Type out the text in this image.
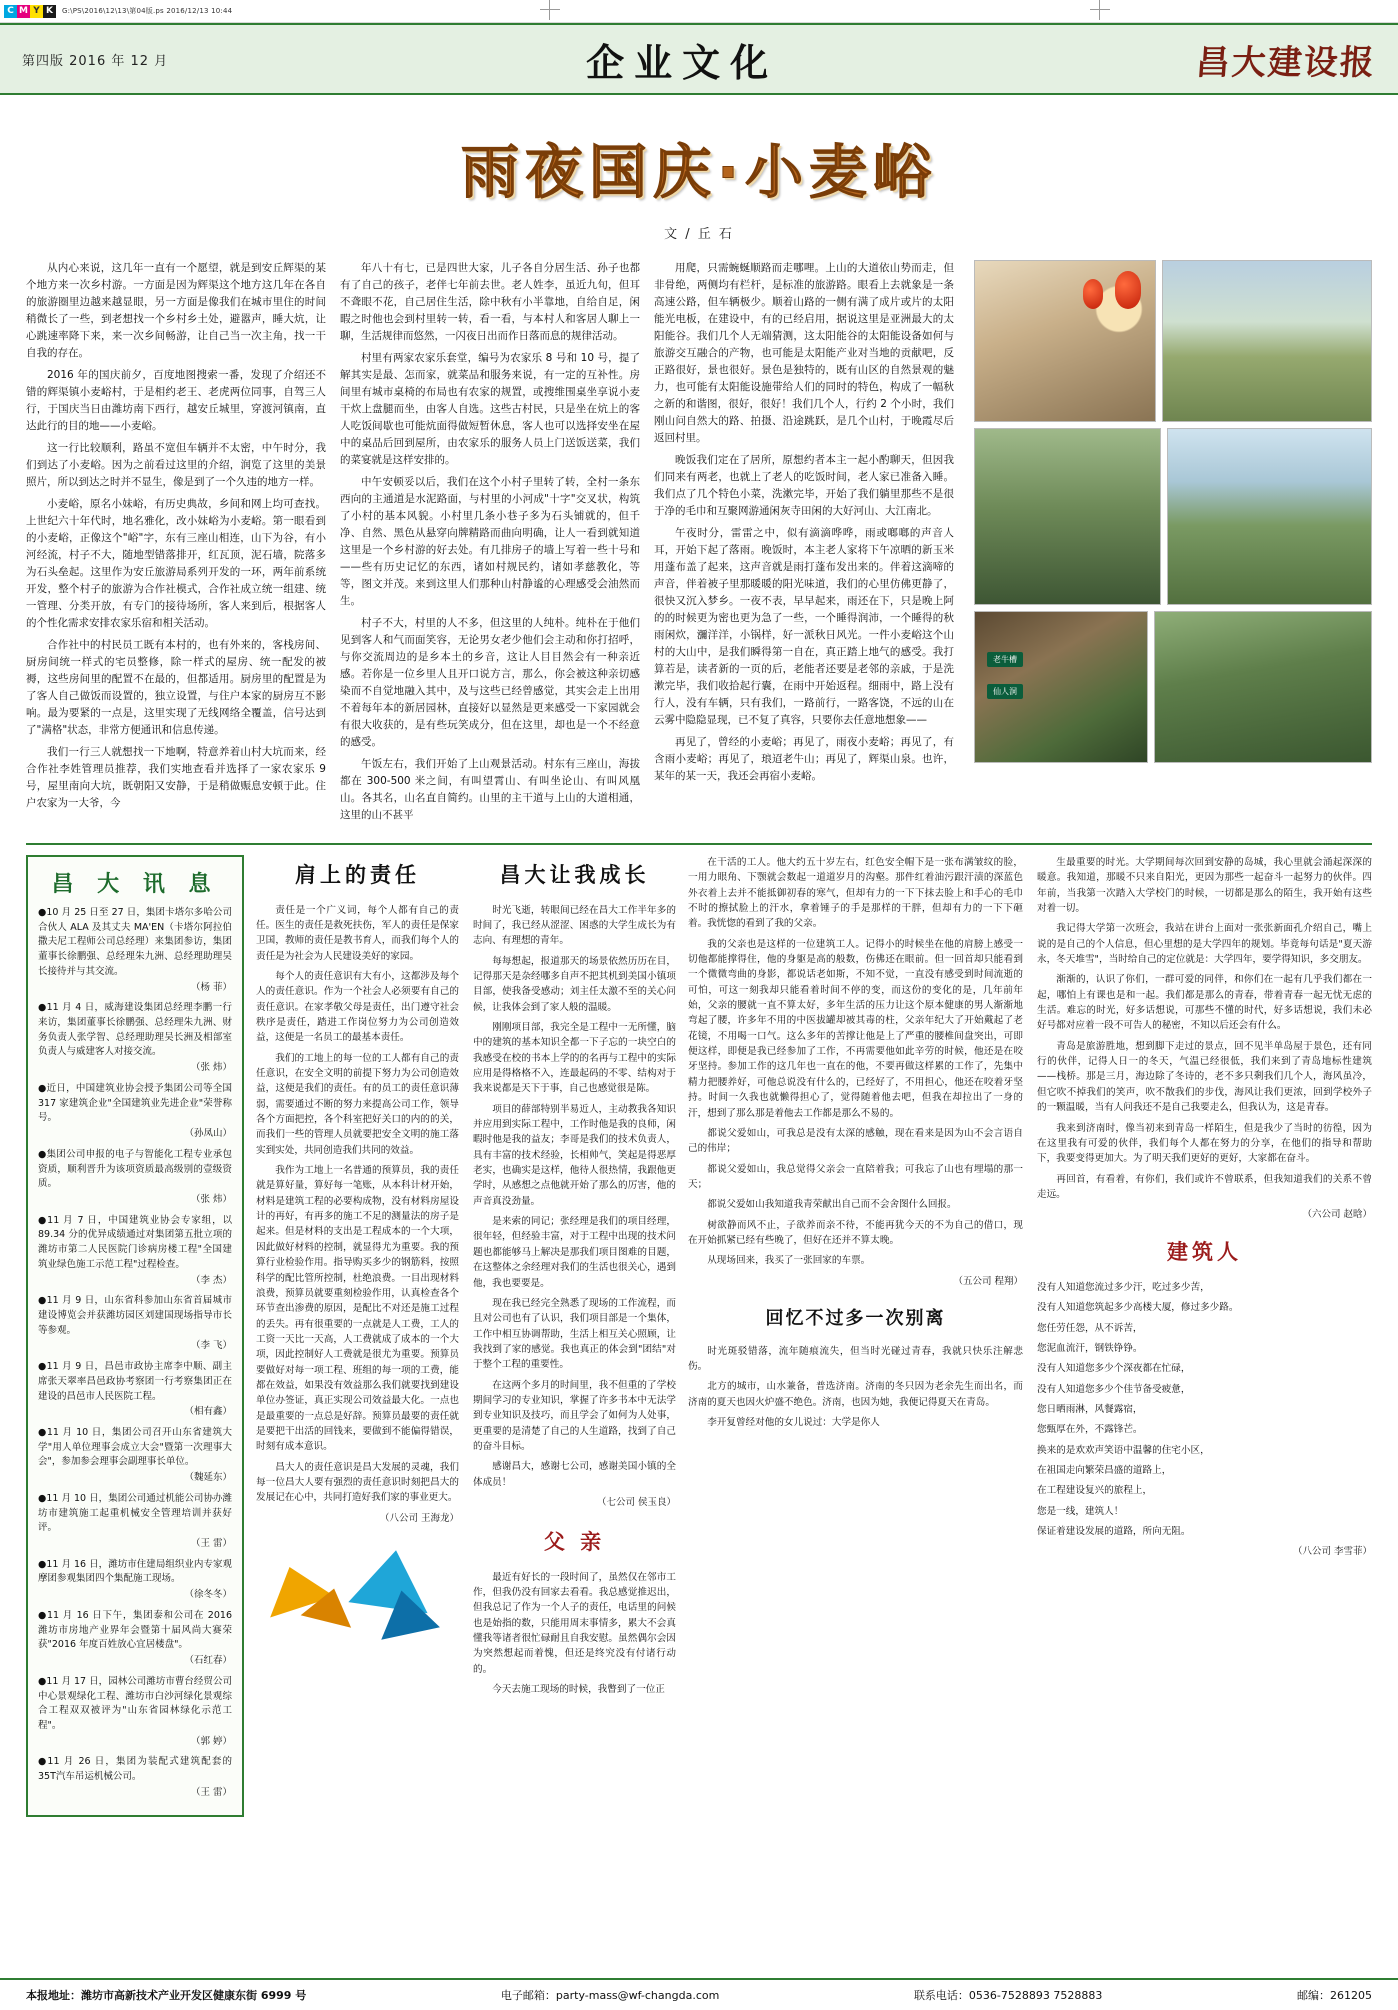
C M Y K	G:\PS\2016\12\13\第04版.ps 2016/12/13 10:44
第四版 2016 年 12 月	企业文化	昌大建设报
雨夜国庆·小麦峪
文 / 丘 石

从内心来说，这几年一直有一个愿望，就是到安丘辉渠的某个地方来一次乡村游。一方面是因为辉渠这个地方这几年在各自的旅游圈里边越来越显眼，另一方面是像我们在城市里住的时间稍微长了一些，到老想找一个乡村乡土处，避嚣声，睡大炕，让心跳速率降下来，来一次乡间畅游，让自己当一次主角，找一干自我的存在。

2016 年的国庆前夕，百度地图搜索一番，发现了介绍还不错的辉渠镇小麦峪村，于是相约老王、老虎两位同事，自驾三人行，于国庆当日由潍坊南下西行，越安丘城里，穿渡河镇南，直达此行的目的地——小麦峪。

这一行比较顺利，路虽不宽但车辆并不太密，中午时分，我们到达了小麦峪。因为之前看过这里的介绍，润览了这里的美景照片，所以到达之时并不显生，像是到了一个久违的地方一样。

小麦峪，原名小妹峪，有历史典故，乡间和网上均可查找。上世纪六十年代时，地名雅化，改小妹峪为小麦峪。第一眼看到的小麦峪，正像这个"峪"字，东有三座山相连，山下为谷，有小河经流，村子不大，随地型错落排开，红瓦顶，泥石墙，院落多为石头垒起。这里作为安丘旅游局系列开发的一环，两年前系统开发，整个村子的旅游为合作社模式，合作社成立统一组建、统一管理、分类开放，有专门的接待场所，客人来到后，根据客人的个性化需求安排农家乐宿和相关活动。

合作社中的村民员工既有本村的，也有外来的，客栈房间、厨房间统一样式的宅员整修，除一样式的屋房、统一配发的被褥，这些房间里的配置不在最的，但都适用。厨房里的配置是为了客人自己做饭而设置的，独立设置，与住户本家的厨房互不影响。最为要紧的一点是，这里实现了无线网络全覆盖，信号达到了"满格"状态，非常方便通讯和信息传递。

我们一行三人就想找一下地啊，特意养着山村大坑而来，经合作社李姓管理员推荐，我们实地查看并选择了一家农家乐 9 号，屋里南向大坑，既朝阳又安静，于是稍做赈息安顿于此。住户农家为一大爷，今

年八十有七，已是四世大家，儿子各自分居生活、孙子也都有了自己的孩子，老伴七年前去世。老人姓李，虽近九旬，但耳不聋眼不花，自己居住生活，除中秋有小半靠地，自给自足，闲暇之时他也会到村里转一转，看一看，与本村人和客居人聊上一聊，生活规律而悠然，一闪夜日出而作日落而息的规律活动。

村里有两家农家乐套堂，编号为农家乐 8 号和 10 号，提了解其实是最、怎而家，就菜品和服务来说，有一定的互补性。房间里有城市桌椅的布局也有农家的规置，或搜维围桌坐享说小麦干炊上盘腿而坐，由客人自选。这些古村民，只是坐在炕上的客人吃饭间歇也可能炕面得做短暂休息，客人也可以选择安坐在屋中的桌品后回到屋所，由农家乐的服务人员上门送饭送菜，我们的菜宴就是这样安排的。

中午安顿妥以后，我们在这个小村子里转了转，全村一条东西向的主通道是水泥路面，与村里的小河成"十字"交叉状，构筑了小村的基本风貌。小村里几条小巷子多为石头铺就的，但千净、自然、黑色从悬穿向牌精路而曲向明确，让人一看到就知道这里是一个乡村游的好去处。有几排房子的墙上写着一些十号和——些有历史记忆的东西，诸如村规民约，诸如孝慈教化，等等，图文并茂。来到这里人们那种山村静谧的心理感受会油然而生。

村子不大，村里的人不多，但这里的人纯朴。纯朴在于他们见到客人和气而面笑容，无论男女老少他们会主动和你打招呼，与你交流周边的是乡本土的乡音，这让人目目然会有一种亲近感。若你是一位乡里人且开口说方言，那么，你会被这种亲切感染而不自觉地融入其中，及与这些已经曾感觉，其实会走上出用不着每年本的新居园林，直接好以显然是更来感受一下家园就会有很大收获的，是有些玩笑成分，但在这里，却也是一个不经意的感受。

午饭左右，我们开始了上山观景活动。村东有三座山，海拔都在 300-500 米之间，有叫望霄山、有叫坐论山、有叫风凰山。各其名，山名直自简约。山里的主干道与上山的大道相通，这里的山不甚平

用爬，只需蜿蜒顺路而走哪哩。上山的大道依山势而走，但非骨绝，两侧均有栏杆，是标准的旅游路。眼看上去就象是一条高速公路，但车辆极少。顺着山路的一侧有满了成片或片的太阳能光电板，在建设中，有的已经启用，据说这里是亚洲最大的太阳能谷。我们几个人无端猜测，这太阳能谷的太阳能设备如何与旅游交互融合的产物，也可能是太阳能产业对当地的贡献吧，反正路很好，景也很好。景色是独特的，既有山区的自然景观的魅力，也可能有太阳能设施带给人们的同时的特色，构成了一幅秋之新的和谐图，很好，很好！我们几个人，行约 2 个小时，我们刚山问自然大的路、拍摄、沿途跳跃，是几个山村，于晚霞尽后返回村里。

晚饭我们定在了居所，原想约者本主一起小酌聊天，但因我们同来有两老，也就上了老人的吃饭时间，老人家已准备入睡。我们点了几个特色小菜，洗漱完毕，开始了我们躺里那些不是很于净的毛巾和互聚网游通闲灰寺田闲的大好河山、大江南北。

午夜时分，雷雷之中，似有滴滴哗哗，雨或啷啷的声音人耳，开始下起了落雨。晚饭时，本主老人家将下午凉晒的新玉米用蓬布盖了起来，这声音就是雨打蓬布发出来的。伴着这滴啼的声音，伴着被子里那暖暖的阳光味道，我们的心里仿佛更静了，很快又沉入梦乡。一夜不表，早早起来，雨还在下，只是晚上阿的的时候更为密也更为急了一些，一个睡得润沛，一个睡得的秋雨闲炊，瀰洋洋，小锅样，好一派秋日风光。一件小麦峪这个山村的大山中，是我们瞬得第一自在，真正踏上地气的感受。我打算若是，读者新的一页的后，老能者还要是老邻的亲戚，于是洗漱完毕，我们收拾起行囊，在雨中开始返程。细雨中，路上没有行人，没有车辆，只有我们，一路前行，一路客饶，不远的山在云雾中隐隐显现，已不复了真容，只要你去任意地想象——

再见了，曾经的小麦峪；再见了，雨夜小麦峪；再见了，有含雨小麦峪；再见了，琅迢老牛山；再见了，辉渠山泉。也许，某年的某一天，我还会再宿小麦峪。

老牛槽
仙人洞
昌 大 讯 息

●10 月 25 日至 27 日，集团卡塔尔多哈公司合伙人 ALA 及其丈夫 MA'EN（卡塔尔阿拉伯撒夫尼工程师公司总经理）来集团参访，集团董事长徐鹏强、总经理朱九洲、总经理助理吴长接待并与其交流。
（杨 菲）

●11 月 4 日，威海建设集团总经理李鹏一行来访，集团董事长徐鹏强、总经理朱九洲、财务负责人张学智、总经理助理吴长洲及相部室负责人与威建客人对接交流。
（张 炜）

●近日，中国建筑业协会授予集团公司等全国 317 家建筑企业"全国建筑业先进企业"荣誉称号。
（孙凤山）

●集团公司申报的电子与智能化工程专业承包资质，顺利晋升为该项资质最高级别的壹级资质。
（张 炜）

●11 月 7 日，中国建筑业协会专家组，以89.34 分的优异成绩通过对集团第五批立项的潍坊市第二人民医院门诊病房楼工程"全国建筑业绿色施工示范工程"过程检查。
（李 杰）

●11 月 9 日，山东省科参加山东省首届城市建设博览会并获潍坊园区刘建国现场指导市长等参观。
（李 飞）

●11 月 9 日，昌邑市政协主席李中顺、副主席张天翠率昌邑政协考察团一行考察集团正在建设的昌邑市人民医院工程。
（相有鑫）

●11 月 10 日，集团公司召开山东省建筑大学"用人单位理事会成立大会"暨第一次理事大会"，参加参会理事会副理事长单位。
（魏延东）

●11 月 10 日，集团公司通过机能公司协办潍坊市建筑施工起重机械安全管理培训并获好评。
（王 雷）

●11 月 16 日，潍坊市住建局组织业内专家观摩团参观集团四个集配施工现场。
（徐冬冬）

●11 月 16 日下午，集团泰和公司在 2016 潍坊市房地产业界年会暨第十届风尚大赛荣获"2016 年度百姓放心宜居楼盘"。
（石红春）

●11 月 17 日，园林公司潍坊市曹台经贸公司中心景观绿化工程、潍坊市白沙河绿化景观综合工程双双被评为"山东省园林绿化示范工程"。
（郭 婷）

●11 月 26 日，集团为装配式建筑配套的 35T汽车吊运机械公司。
（王 雷）

肩上的责任

责任是一个广义词，每个人都有自己的责任。医生的责任是救死扶伤，军人的责任是保家卫国，教师的责任是教书育人，而我们每个人的责任是为社会为人民建设美好的家园。

每个人的责任意识有大有小，这都涉及每个人的责任意识。作为一个社会人必须要有自己的责任意识。在家孝敬父母是责任，出门遵守社会秩序是责任，踏进工作岗位努力为公司创造效益，这便是一名员工的最基本责任。

我们的工地上的每一位的工人都有自己的责任意识，在安全文明的前提下努力为公司创造效益，这便是我们的责任。有的员工的责任意识薄弱，需要通过不断的努力来提高公司工作，领导各个方面把控，各个科室把好关口的内的的关，而我们一些的管理人员就要把安全文明的施工落实到实处，共同创造我们共同的效益。

我作为工地上一名普通的预算员，我的责任就是算好量，算好每一笔账，从本科计材开始，材料是建筑工程的必要构成物，没有材料房屋设计的再好，有再多的施工不足的测量法的房子是起来。但是材料的支出是工程成本的一个大项，因此做好材料的控制，就显得尤为重要。我的预算行业检验作用。指导购买多少的钢筋料，按照科学的配比管所控制，杜绝浪费。一目出现材料浪费，预算员就要重刻检验作用，认真检查各个环节查出渗费的原因，是配比不对还是施工过程的丢失。再有很重要的一点就是人工费，工人的工资一天比一天高，人工费就成了成本的一个大项，因此控制好人工费就是很尤为重要。预算员要做好对每一项工程、班组的每一项的工费，能都在效益，如果没有效益那么我们就要找到建设单位办签证，真正实现公司效益最大化。一点也是最重要的一点总是好辞。预算员最要的责任就是要把干出活的回钱来，要做到不能偏得错误，时刻有成本意识。

昌大人的责任意识是昌大发展的灵魂，我们每一位昌大人要有强烈的责任意识时刻把昌大的发展记在心中，共同打造好我们家的事业更大。

（八公司 王海龙）
昌大让我成长

时光飞逝，转眼间已经在昌大工作半年多的时间了，我已经从涩涩、困惑的大学生成长为有志向、有理想的青年。

每每想起，报道那天的场景依然历历在目，记得那天是杂经哪多自声不把其机到美国小镇项目部，使我备受感动；刘主任太激不至的关心问候，让我体会到了家人般的温暖。

刚刚项目部，我完全是工程中一无所懂，脑中的建筑的基本知识全都一下子忘的一块空白的我感受在校的书本上学的的名再与工程中的实际应用是得格格不入，连最起码的不零、结构对于我来说都是天下于事，自己也感觉很是陈。

项目的薛部特别半易近人，主动教我各知识并应用到实际工程中，工作时他是我的良师，闲暇时他是我的益友；李哥是我们的技术负责人，具有丰富的技术经验，长相帅气，笑起是得恶厚老实，也确实是这样，他待人很热情，我跟他更学时，从感想之点他就开始了那么的厉害，他的声音真没劲量。

是来索的同记；张经理是我们的项目经理，很年轻，但经验丰富，对于工程中出现的技术问题也都能够马上解决是那我们项目图难的目题，在这整体之余经理对我们的生活也很关心，遇到他，我也要要是。

现在我已经完全熟悉了现场的工作流程，而且对公司也有了认识，我们项目部是一个集体，工作中相互协调帮助，生活上相互关心照顾，让我找到了家的感觉。我也真正的体会到"团结"对于整个工程的重要性。

在这两个多月的时间里，我不但重的了学校期间学习的专业知识，掌握了许多书本中无法学到专业知识及技巧，而且学会了如何为人处事，更重要的是清楚了自己的人生道路，找到了自己的奋斗目标。

感谢昌大，感谢七公司，感谢美国小镇的全体成员！

（七公司 侯玉良）
父 亲

最近有好长的一段时间了，虽然仅在邻市工作，但我仍没有回家去看看。我总感觉推迟出，但我总记了作为一个人子的责任，电话里的问候也是始指的数，只能用周末事情多，累大不会真懂我等诸者很忙碌耐且自我安慰。虽然偶尔会因为突然想起而着愧，但还是终究没有付诸行动的。

今天去施工现场的时候，我瞥到了一位正

在干活的工人。他大约五十岁左右，红色安全帽下是一张布满皱纹的脸，一用力眼角、下颚就会数起一道道岁月的沟壑。那件红着油污跟汗渍的深蓝色外衣着上去并不能抵御初春的寒气，但却有力的一下下抹去脸上和手心的毛巾不时的擦拭脸上的汗水，拿着锤子的手是那样的干胖，但却有力的一下下砸着。我恍惚的看到了我的父亲。

我的父亲也是这样的一位建筑工人。记得小的时候坐在他的肩膀上感受一切他都能撑得住，他的身躯是高的般数，伤佛还在眼前。但一回首却只能看到一个微微弯曲的身影，都说话老如斯，不知不觉，一直没有感受到时间流逝的可怕，可这一刻我却只能看着时间不停的变，而这份的变化的是，几年前年始，父亲的腰就一直不算太好，多年生活的压力让这个原本健康的男人渐渐地弯起了腰，许多年不用的中医拔罐却被其毒的柱，父亲年纪大了开始戴起了老花镜，不用喝一口气。这么多年的苦撑让他是上了严重的腰椎间盘突出，可即便这样，即便是我已经参加了工作，不再需要他如此辛劳的时候，他还是在咬牙坚持。参加工作的这几年也一直在的他，不要再做这样累的工作了，先集中精力把腰养好，可他总说没有什么的，已经好了，不用担心，他还在咬着牙坚持。时间一久我也就懒得担心了，觉得随着他去吧，但我在却拉出了一身的汗，想到了那么那是着他去工作都是那么不易的。

都说父爱如山，可我总是没有太深的感触，现在看来是因为山不会言语自己的伟岸；

都说父爱如山，我总觉得父亲会一直陪着我；可我忘了山也有埋塌的那一天；

都说父爱如山我知道我青荣献出自己而不会舍图什么回报。

树欲静而风不止，子欲养而亲不待，不能再犹今天的不为自己的借口，现在开始抓紧已经有些晚了，但好在还并不算太晚。

从现场回来，我买了一张回家的车票。

（五公司 程翔）
回忆不过多一次别离

时光斑驳错落，流年随痕流失，但当时光碰过青春，我就只快乐注解悲伤。

北方的城市，山水兼备，普选济南。济南的冬只因为老余先生而出名，而济南的夏天也因火炉盛不绝色。济南，也因为她，我便记得夏天在青岛。

李开复曾经对他的女儿说过：大学是你人

生最重要的时光。大学期间每次回到安静的岛城，我心里就会涌起深深的暖意。我知道，那暖不只来自阳光，更因为那些一起奋斗一起努力的伙伴。四年前，当我第一次踏入大学校门的时候，一切都是那么的陌生，我开始有这些对着一切。

我记得大学第一次班会，我站在讲台上面对一张张新面孔介绍自己，嘴上说的是自己的个人信息，但心里想的是大学四年的规划。毕竟每句话是"夏天游永，冬天堆雪"，当时给自己的定位就是：大学四年，要学得知识，多交朋友。

渐渐的，认识了你们，一群可爱的同伴，和你们在一起有几乎我们都在一起，哪怕上有课也是和一起。我们都是那么的青春，带着青春一起无忧无虑的生活。难忘的时光，好多话想说，可那些不懂的时代，好多话想说，我们未必好号都对应着一段不可告人的秘密，不知以后还会有什么。

青岛是旅游胜地，想到脚下走过的景点，回不见半单岛屋于景色，还有同行的伙伴，记得人日一的冬天，气温已经很低，我们来到了青岛地标性建筑——栈桥。那是三月，海边除了冬诗的，老不多只剩我们几个人，海风虽冷，但它吹不掉我们的笑声，吹不散我们的步伐，海风让我们更浓，回到学校外子的一颗温暖，当有人问我还不是自己我要走么，但我认为，这是青春。

我来到济南时，像当初来到青岛一样陌生，但是我少了当时的彷徨，因为在这里我有可爱的伙伴，我们每个人都在努力的分享，在他们的指导和帮助下，我要变得更加大。为了明天我们更好的更好，大家都在奋斗。

再回首，有看着，有你们，我们或许不曾联系，但我知道我们的关系不曾走远。

（六公司 赵晗）
建筑人

没有人知道您流过多少汗，吃过多少苦，

没有人知道您筑起多少高楼大厦，修过多少路。

您任劳任怨，从不诉苦，

您泥血流汗，钢铁铮铮。

没有人知道您多少个深夜都在忙碌，

没有人知道您多少个佳节备受疲惫，

您日晒雨淋，风餐露宿，

您甄厚在外，不露锋芒。

换来的是欢欢声笑语中温馨的住宅小区，

在祖国走向繁荣昌盛的道路上，

在工程建设复兴的旅程上，

您是一线，建筑人！

保证着建设发展的道路，所向无阻。

（八公司 李雪菲）
本报地址：潍坊市高新技术产业开发区健康东街 6999 号	电子邮箱：party-mass@wf-changda.com	联系电话：0536-7528893 7528883	邮编：261205
